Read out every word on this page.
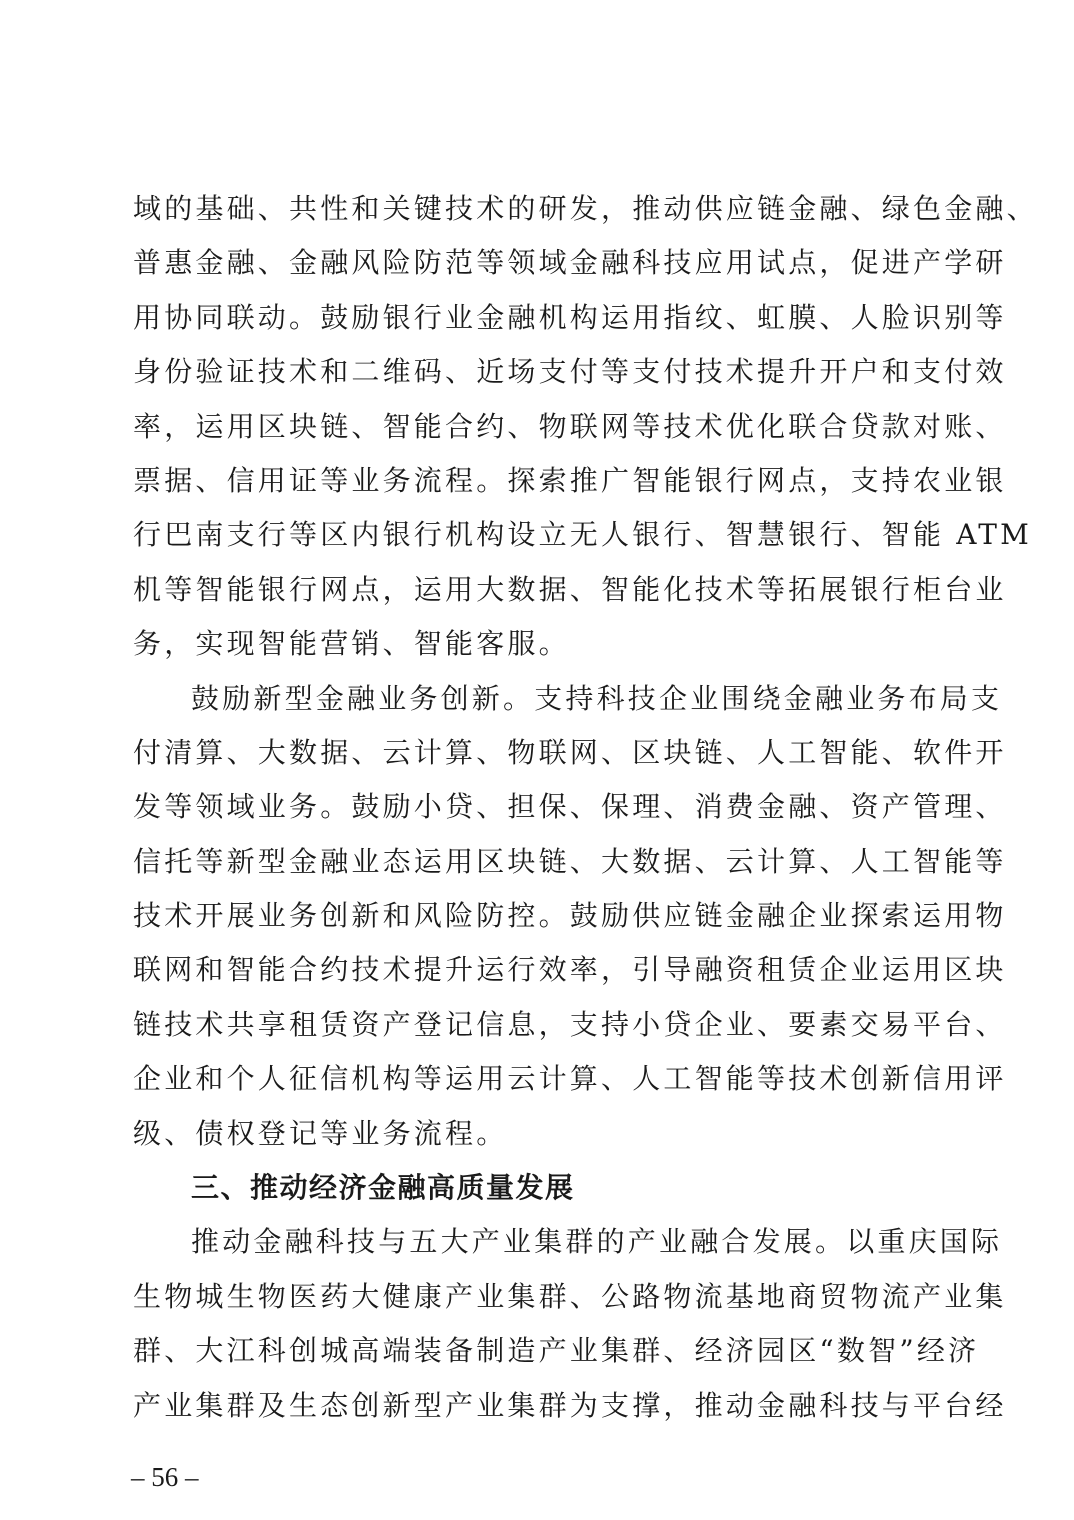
域的基础、共性和关键技术的研发，推动供应链金融、绿色金融、
普惠金融、金融风险防范等领域金融科技应用试点，促进产学研
用协同联动。鼓励银行业金融机构运用指纹、虹膜、人脸识别等
身份验证技术和二维码、近场支付等支付技术提升开户和支付效
率，运用区块链、智能合约、物联网等技术优化联合贷款对账、
票据、信用证等业务流程。探索推广智能银行网点，支持农业银
行巴南支行等区内银行机构设立无人银行、智慧银行、智能 ATM
机等智能银行网点，运用大数据、智能化技术等拓展银行柜台业
务，实现智能营销、智能客服。
鼓励新型金融业务创新。支持科技企业围绕金融业务布局支
付清算、大数据、云计算、物联网、区块链、人工智能、软件开
发等领域业务。鼓励小贷、担保、保理、消费金融、资产管理、
信托等新型金融业态运用区块链、大数据、云计算、人工智能等
技术开展业务创新和风险防控。鼓励供应链金融企业探索运用物
联网和智能合约技术提升运行效率，引导融资租赁企业运用区块
链技术共享租赁资产登记信息，支持小贷企业、要素交易平台、
企业和个人征信机构等运用云计算、人工智能等技术创新信用评
级、债权登记等业务流程。
三、推动经济金融高质量发展
推动金融科技与五大产业集群的产业融合发展。以重庆国际
生物城生物医药大健康产业集群、公路物流基地商贸物流产业集
群、大江科创城高端装备制造产业集群、经济园区“数智”经济
产业集群及生态创新型产业集群为支撑，推动金融科技与平台经
– 56 –
